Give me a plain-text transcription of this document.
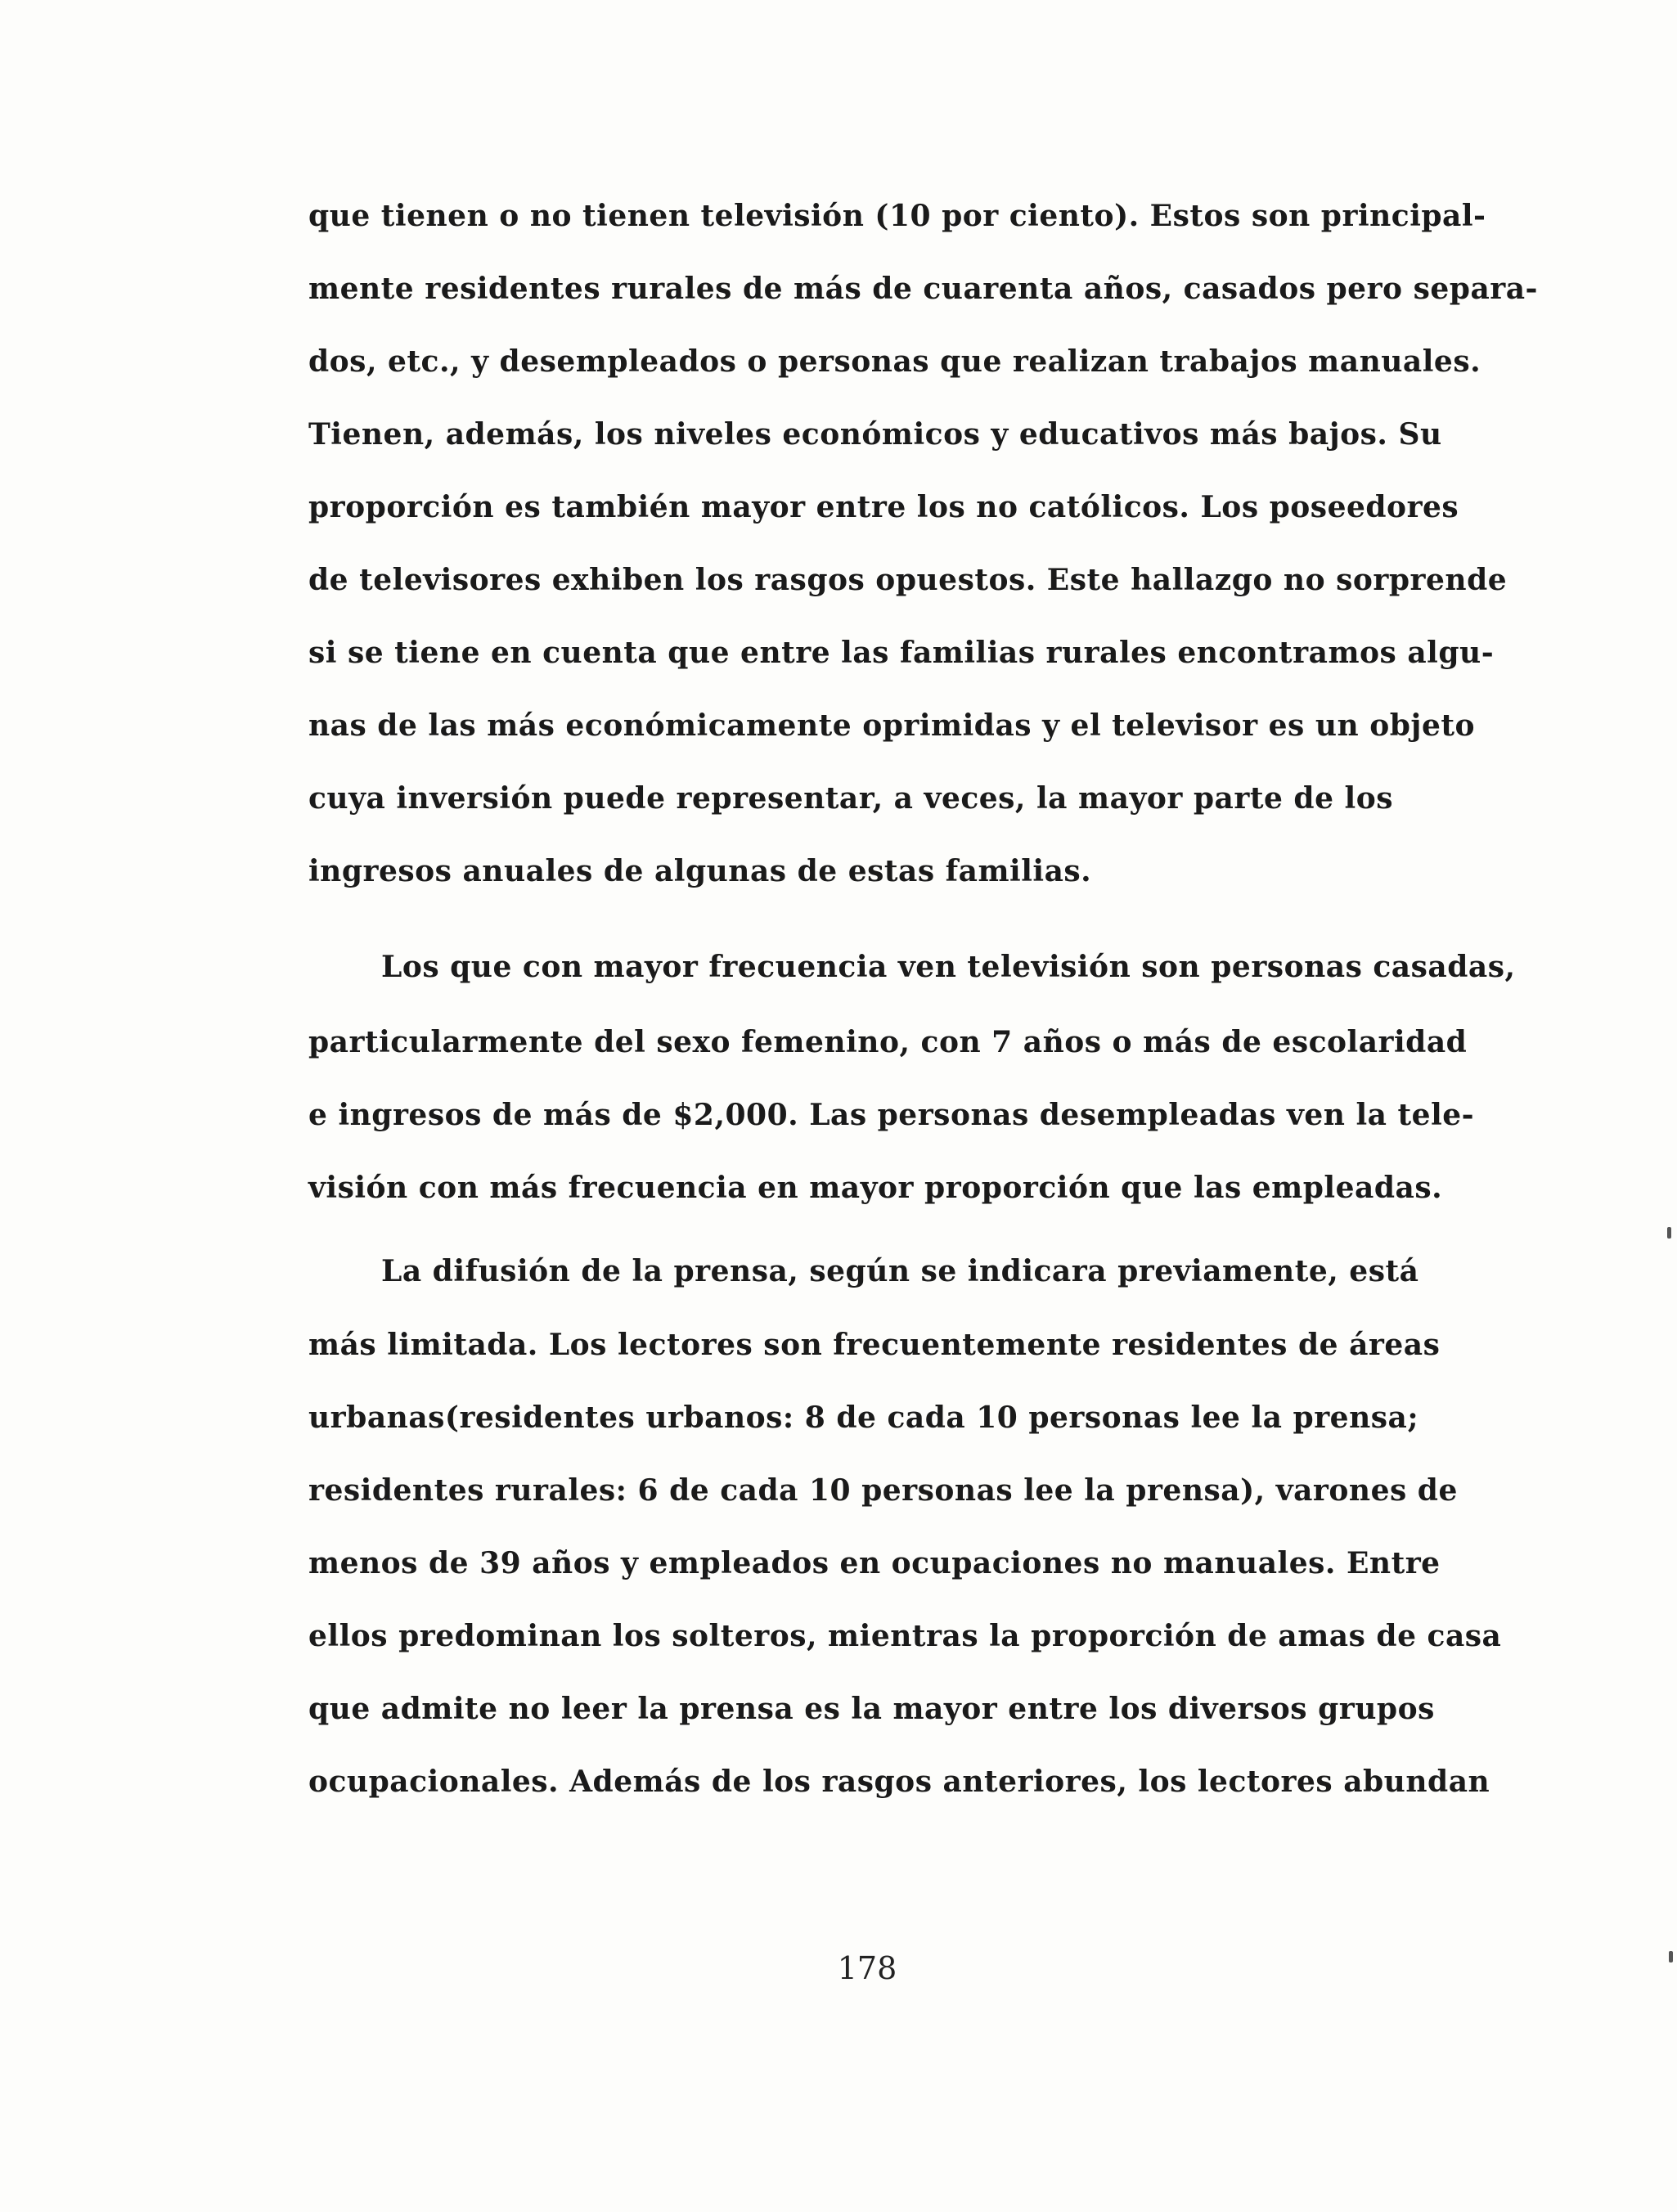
que tienen o no tienen televisión (10 por ciento). Estos son principal-
mente residentes rurales de más de cuarenta años, casados pero separa-
dos, etc., y desempleados o personas que realizan trabajos manuales.
Tienen, además, los niveles económicos y educativos más bajos. Su
proporción es también mayor entre los no católicos. Los poseedores
de televisores exhiben los rasgos opuestos. Este hallazgo no sorprende
si se tiene en cuenta que entre las familias rurales encontramos algu-
nas de las más económicamente oprimidas y el televisor es un objeto
cuya inversión puede representar, a veces, la mayor parte de los
ingresos anuales de algunas de estas familias.
Los que con mayor frecuencia ven televisión son personas casadas,
particularmente del sexo femenino, con 7 años o más de escolaridad
e ingresos de más de $2,000. Las personas desempleadas ven la tele-
visión con más frecuencia en mayor proporción que las empleadas.
La difusión de la prensa, según se indicara previamente, está
más limitada. Los lectores son frecuentemente residentes de áreas
urbanas(residentes urbanos: 8 de cada 10 personas lee la prensa;
residentes rurales: 6 de cada 10 personas lee la prensa), varones de
menos de 39 años y empleados en ocupaciones no manuales. Entre
ellos predominan los solteros, mientras la proporción de amas de casa
que admite no leer la prensa es la mayor entre los diversos grupos
ocupacionales. Además de los rasgos anteriores, los lectores abundan
178
